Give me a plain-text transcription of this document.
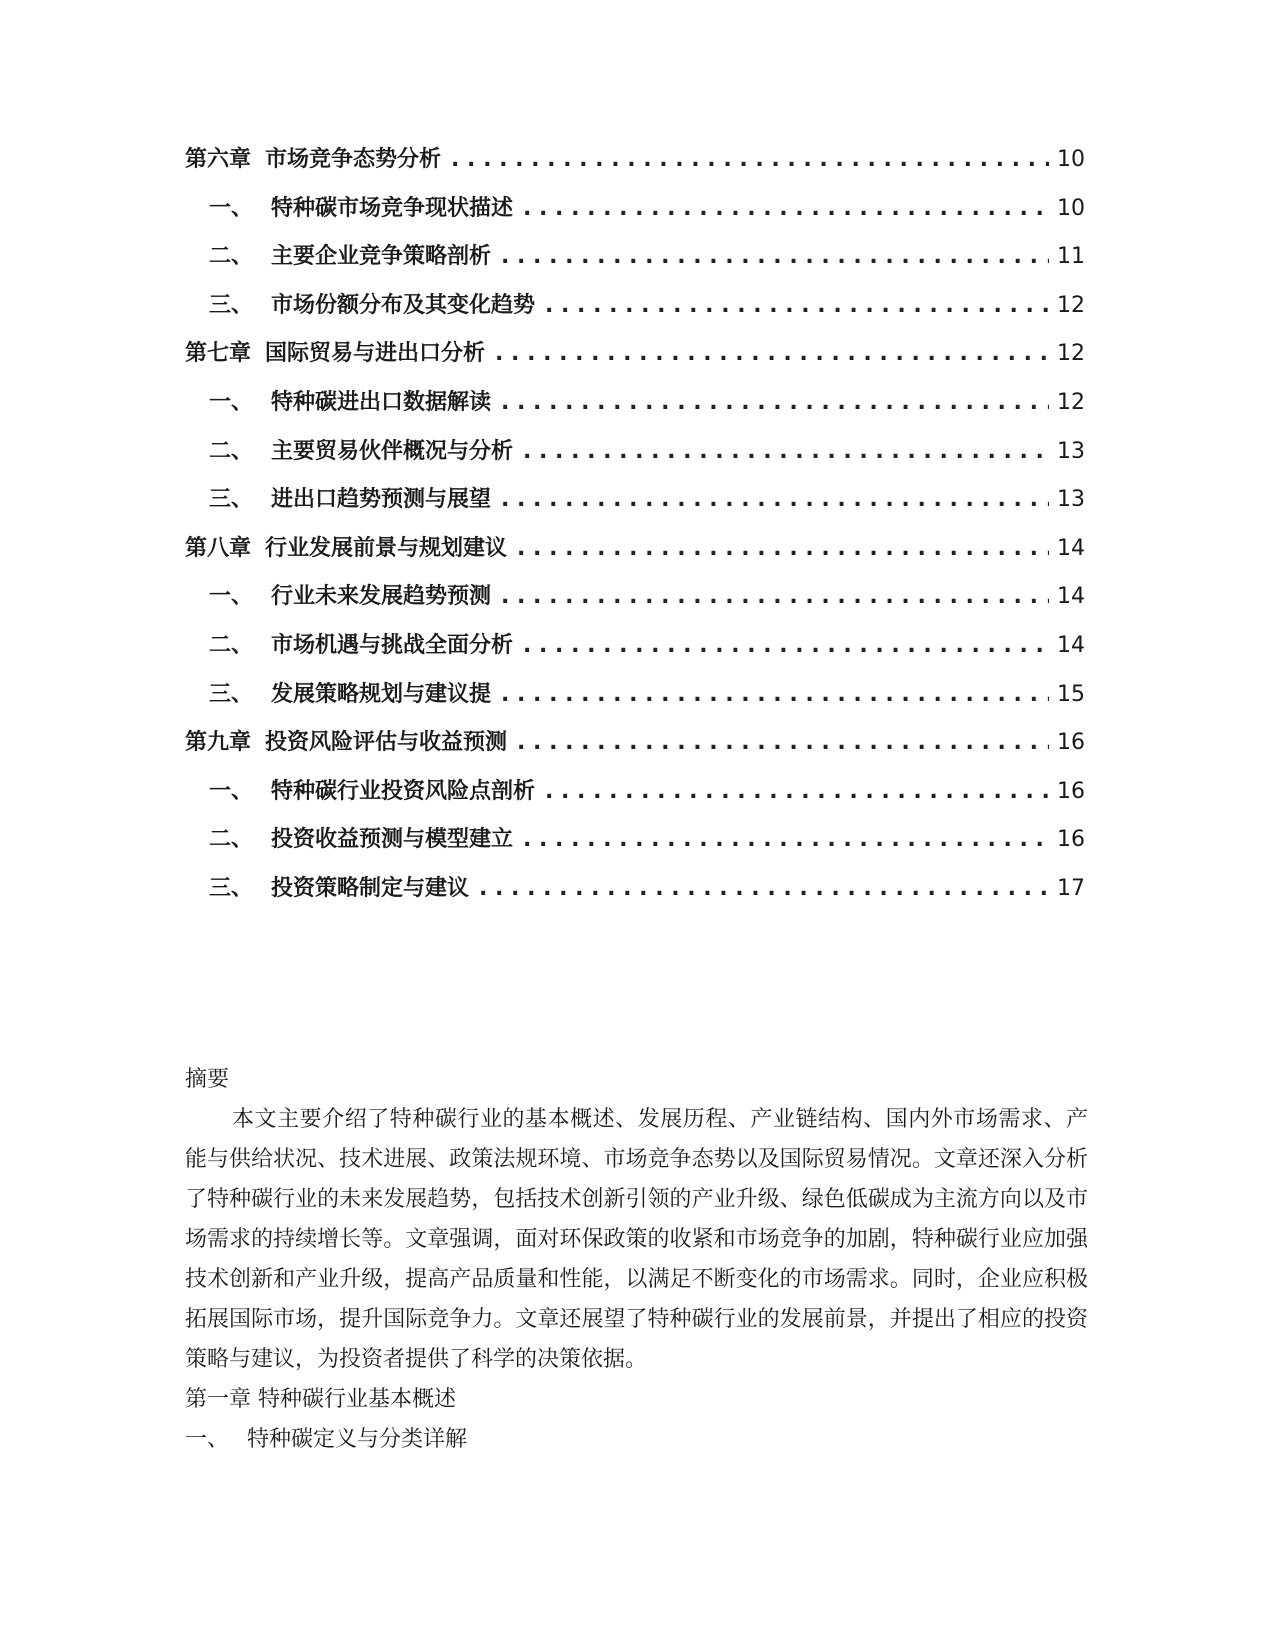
第六章 市场竞争态势分析 . . .	10
一、 特种碳市场竞争现状描述 . . .	10
二、 主要企业竞争策略剖析 . . .	11
三、 市场份额分布及其变化趋势 . . .	12
第七章 国际贸易与进出口分析 . . .	12
一、 特种碳进出口数据解读 . . .	12
二、 主要贸易伙伴概况与分析 . . .	13
三、 进出口趋势预测与展望 . . .	13
第八章 行业发展前景与规划建议 . . .	14
一、 行业未来发展趋势预测 . . .	14
二、 市场机遇与挑战全面分析 . . .	14
三、 发展策略规划与建议提 . . .	15
第九章 投资风险评估与收益预测 . . .	16
一、 特种碳行业投资风险点剖析 . . .	16
二、 投资收益预测与模型建立 . . .	16
三、 投资策略制定与建议 . . .	17

摘要

本文主要介绍了特种碳行业的基本概述、发展历程、产业链结构、国内外市场需求、产能与供给状况、技术进展、政策法规环境、市场竞争态势以及国际贸易情况。文章还深入分析了特种碳行业的未来发展趋势，包括技术创新引领的产业升级、绿色低碳成为主流方向以及市场需求的持续增长等。文章强调，面对环保政策的收紧和市场竞争的加剧，特种碳行业应加强技术创新和产业升级，提高产品质量和性能，以满足不断变化的市场需求。同时，企业应积极拓展国际市场，提升国际竞争力。文章还展望了特种碳行业的发展前景，并提出了相应的投资策略与建议，为投资者提供了科学的决策依据。

第一章 特种碳行业基本概述

一、 特种碳定义与分类详解
